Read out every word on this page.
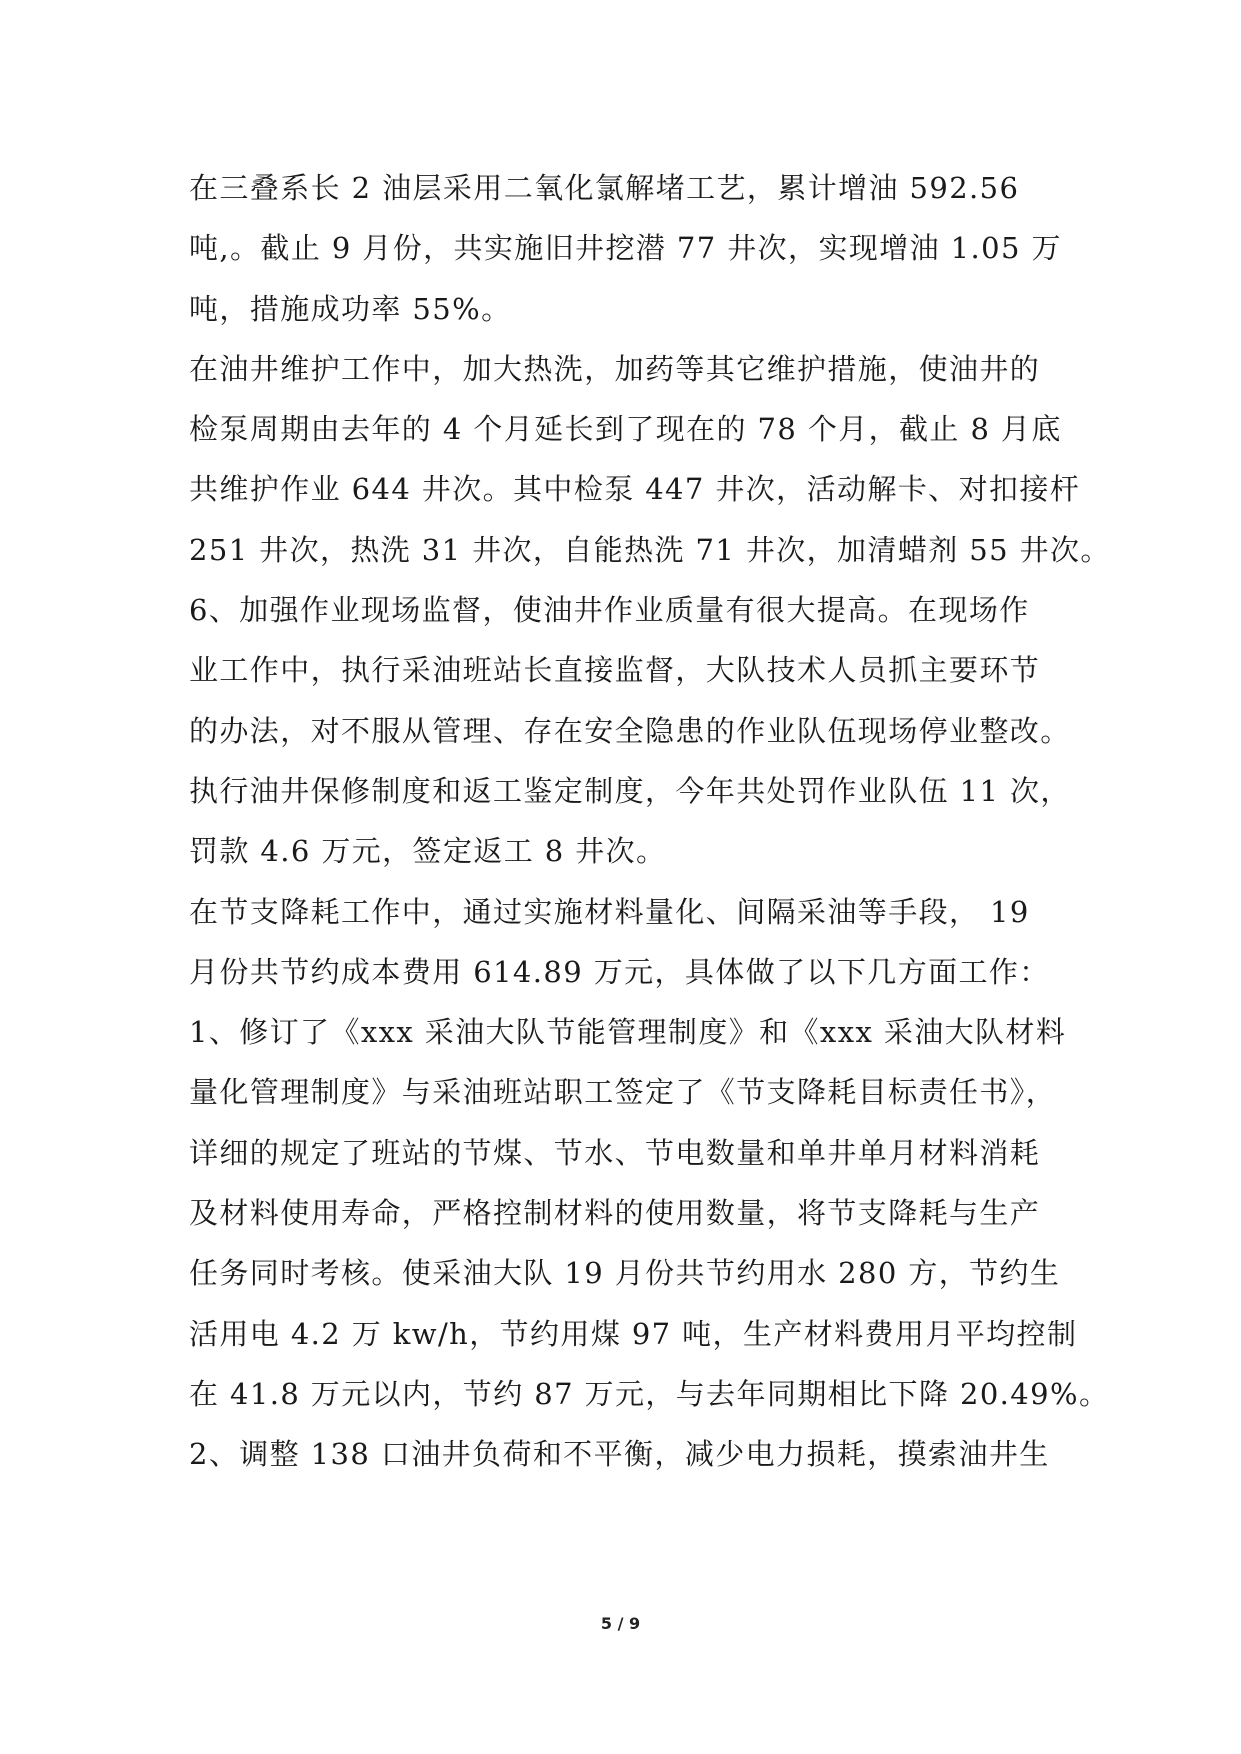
在三叠系长 2 油层采用二氧化氯解堵工艺，累计增油 592.56
吨,。截止 9 月份，共实施旧井挖潜 77 井次，实现增油 1.05 万
吨，措施成功率 55%。
在油井维护工作中，加大热洗，加药等其它维护措施，使油井的
检泵周期由去年的 4 个月延长到了现在的 78 个月，截止 8 月底
共维护作业 644 井次。其中检泵 447 井次，活动解卡、对扣接杆
251 井次，热洗 31 井次，自能热洗 71 井次，加清蜡剂 55 井次。
6、加强作业现场监督，使油井作业质量有很大提高。在现场作
业工作中，执行采油班站长直接监督，大队技术人员抓主要环节
的办法，对不服从管理、存在安全隐患的作业队伍现场停业整改。
执行油井保修制度和返工鉴定制度，今年共处罚作业队伍 11 次，
罚款 4.6 万元，签定返工 8 井次。
在节支降耗工作中，通过实施材料量化、间隔采油等手段， 19
月份共节约成本费用 614.89 万元，具体做了以下几方面工作：
1、修订了《xxx 采油大队节能管理制度》和《xxx 采油大队材料
量化管理制度》与采油班站职工签定了《节支降耗目标责任书》，
详细的规定了班站的节煤、节水、节电数量和单井单月材料消耗
及材料使用寿命，严格控制材料的使用数量，将节支降耗与生产
任务同时考核。使采油大队 19 月份共节约用水 280 方，节约生
活用电 4.2 万 kw/h，节约用煤 97 吨，生产材料费用月平均控制
在 41.8 万元以内，节约 87 万元，与去年同期相比下降 20.49%。
2、调整 138 口油井负荷和不平衡，减少电力损耗，摸索油井生
5 / 9
